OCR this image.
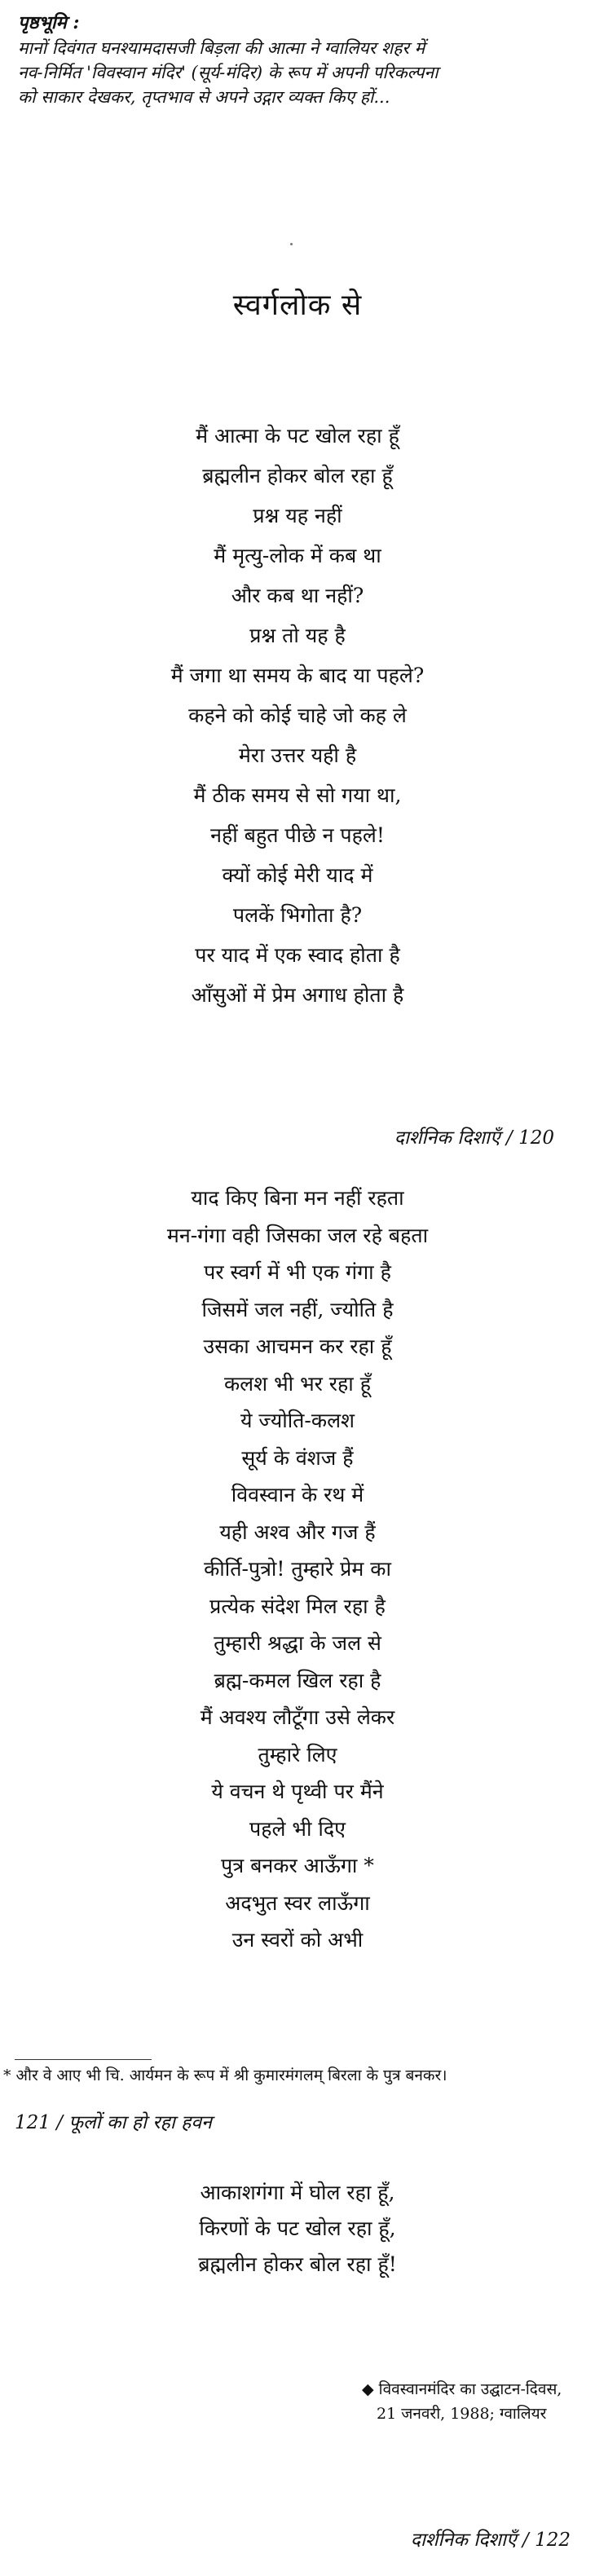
पृष्ठभूमि :
मानों दिवंगत घनश्यामदासजी बिड़ला की आत्मा ने ग्वालियर शहर में
नव-निर्मित 'विवस्वान मंदिर' (सूर्य-मंदिर) के रूप में अपनी परिकल्पना
को साकार देखकर, तृप्तभाव से अपने उद्गार व्यक्त किए हों...
स्वर्गलोक से
मैं आत्मा के पट खोल रहा हूँ
ब्रह्मलीन होकर बोल रहा हूँ
प्रश्न यह नहीं
मैं मृत्यु-लोक में कब था
और कब था नहीं?
प्रश्न तो यह है
मैं जगा था समय के बाद या पहले?
कहने को कोई चाहे जो कह ले
मेरा उत्तर यही है
मैं ठीक समय से सो गया था,
नहीं बहुत पीछे न पहले!
क्यों कोई मेरी याद में
पलकें भिगोता है?
पर याद में एक स्वाद होता है
आँसुओं में प्रेम अगाध होता है
दार्शनिक दिशाएँ / 120
याद किए बिना मन नहीं रहता
मन-गंगा वही जिसका जल रहे बहता
पर स्वर्ग में भी एक गंगा है
जिसमें जल नहीं, ज्योति है
उसका आचमन कर रहा हूँ
कलश भी भर रहा हूँ
ये ज्योति-कलश
सूर्य के वंशज हैं
विवस्वान के रथ में
यही अश्व और गज हैं
कीर्ति-पुत्रो! तुम्हारे प्रेम का
प्रत्येक संदेश मिल रहा है
तुम्हारी श्रद्धा के जल से
ब्रह्म-कमल खिल रहा है
मैं अवश्य लौटूँगा उसे लेकर
तुम्हारे लिए
ये वचन थे पृथ्वी पर मैंने
पहले भी दिए
पुत्र बनकर आऊँगा *
अदभुत स्वर लाऊँगा
उन स्वरों को अभी
* और वे आए भी चि. आर्यमन के रूप में श्री कुमारमंगलम् बिरला के पुत्र बनकर।
121 / फूलों का हो रहा हवन
आकाशगंगा में घोल रहा हूँ,
किरणों के पट खोल रहा हूँ,
ब्रह्मलीन होकर बोल रहा हूँ!
◆ विवस्वानमंदिर का उद्घाटन-दिवस,
21 जनवरी, 1988; ग्वालियर
दार्शनिक दिशाएँ / 122
